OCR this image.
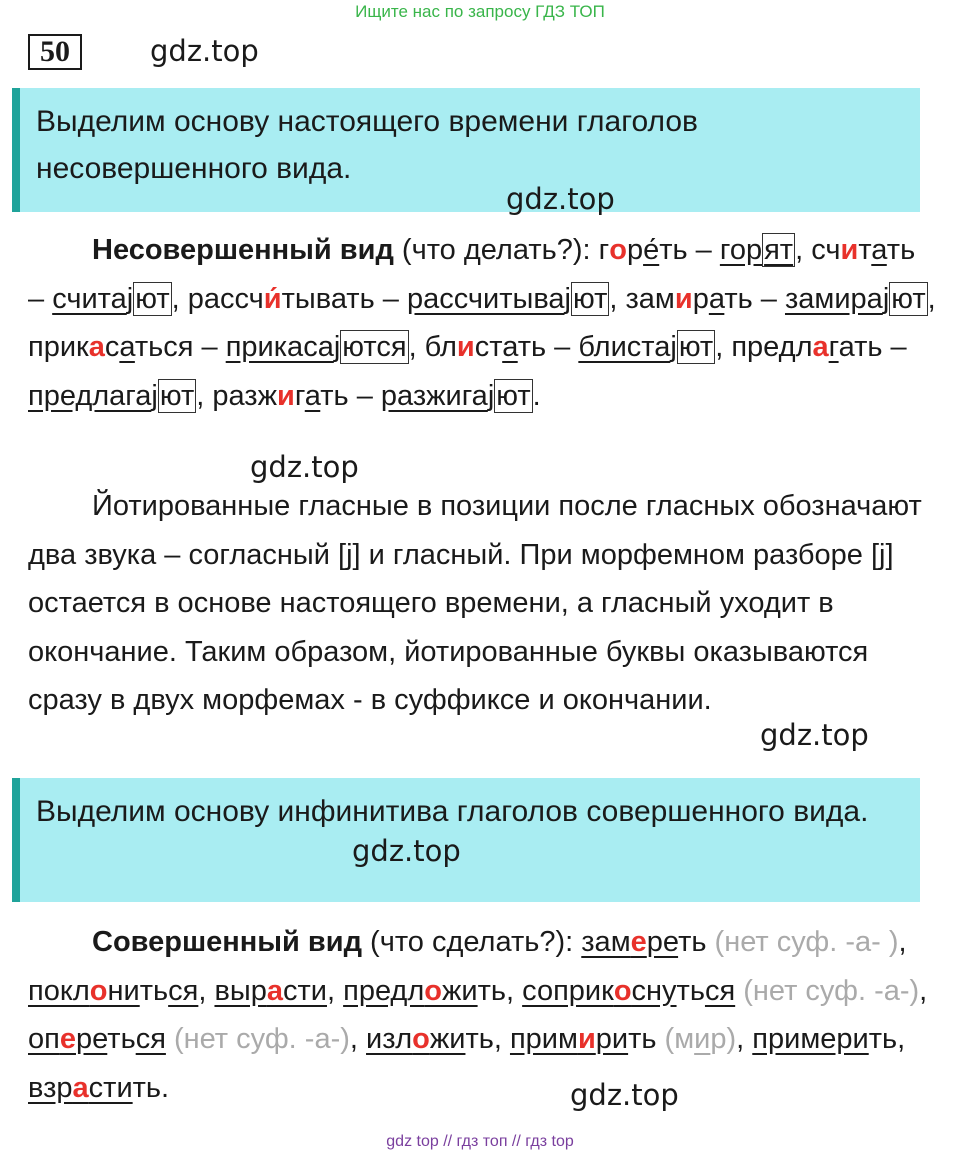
Ищите нас по запросу ГДЗ ТОП
50	gdz.top
Выделим основу настоящего времени глаголов несовершенного вида.
gdz.top
Несовершенный вид (что делать?): горе́ть – горят, считать – считаjют, рассчи́тывать – рассчитываjют, замирать – замираjют, прикасаться – прикасаjются, блистать – блистаjют, предлагать – предлагаjют, разжигать – разжигаjют.
gdz.top
Йотированные гласные в позиции после гласных обозначают два звука – согласный [j] и гласный. При морфемном разборе [j] остается в основе настоящего времени, а гласный уходит в окончание. Таким образом, йотированные буквы оказываются сразу в двух морфемах - в суффиксе и окончании.
gdz.top
Выделим основу инфинитива глаголов совершенного вида.
gdz.top
Совершенный вид (что сделать?): замереть (нет суф. -а- ), поклониться, вырасти, предложить, соприкоснуться (нет суф. -а-), опереться (нет суф. -а-), изложить, примирить (мир), примерить, взрастить.	gdz.top
gdz top // гдз топ // гдз top
